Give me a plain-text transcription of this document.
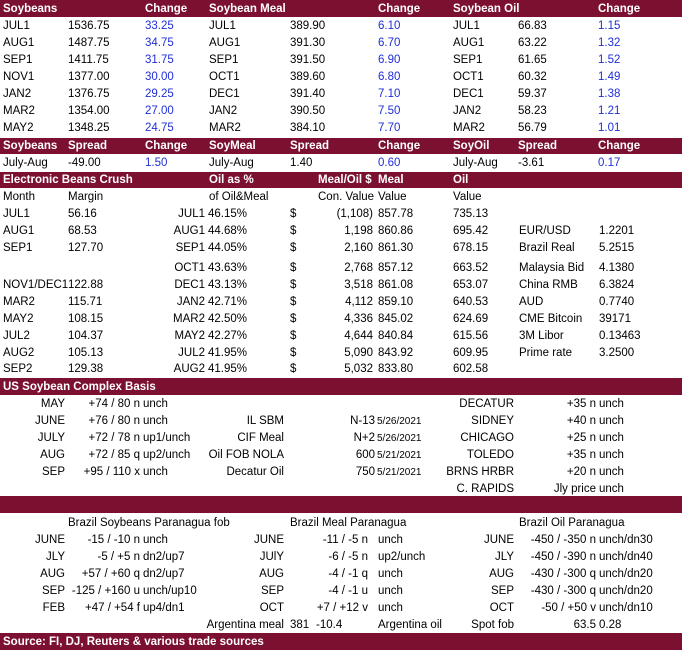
Soybeans	Change Soybean Meal	Change	Soybean Oil	Change
JUL1	1536.75	33.25	JUL1	389.90	6.10	JUL1	66.83	1.15
AUG1	1487.75	34.75	AUG1	391.30	6.70	AUG1	63.22	1.32
SEP1	1411.75	31.75	SEP1	391.50	6.90	SEP1	61.65	1.52
NOV1	1377.00	30.00	OCT1	389.60	6.80	OCT1	60.32	1.49
JAN2	1376.75	29.25	DEC1	391.40	7.10	DEC1	59.37	1.38
MAR2	1354.00	27.00	JAN2	390.50	7.50	JAN2	58.23	1.21
MAY2	1348.25	24.75	MAR2	384.10	7.70	MAR2	56.79	1.01
Soybeans Spread	Change SoyMeal	Spread	Change	SoyOil Spread	Change
July-Aug -49.00	1.50	July-Aug	1.40	0.60	July-Aug -3.61	0.17
Electronic Beans Crush	Oil as %	Meal/Oil $ Meal	Oil
Month	Margin	of Oil&Meal	Con. Value Value	Value
JUL1	56.16	JUL1 46.15%	$	(1,108) 857.78	735.13
AUG1	68.53	AUG1 44.68%	$	1,198 860.86	695.42
SEP1	127.70	SEP1 44.05%	$	2,160 861.30	678.15
OCT1 43.63%	$	2,768 857.12	663.52
NOV1/DEC1 122.88	DEC1 43.13%	$	3,518 861.08	653.07
MAR2	115.71	JAN2 42.71%	$	4,112 859.10	640.53
MAY2	108.15	MAR2 42.50%	$	4,336 845.02	624.69
JUL2	104.37	MAY2 42.27%	$	4,644 840.84	615.56
AUG2	105.13	JUL2 41.95%	$	5,090 843.92	609.95
SEP2	129.38	AUG2 41.95%	$	5,032 833.80	602.58
EUR/USD 1.2201
Brazil Real 5.2515
Malaysia Bid 4.1380
China RMB 6.3824
AUD	0.7740
CME Bitcoin 39171
3M Libor	0.13463
Prime rate 3.2500
US Soybean Complex Basis
MAY +74 / 80 n unch
JUNE +76 / 80 n unch
JULY +72 / 78 n up1/unch
AUG +72 / 85 q up2/unch
SEP +95 / 110 x unch
IL SBM	N-13 5/26/2021
CIF Meal	N+2 5/26/2021
Oil FOB NOLA	600 5/21/2021
Decatur Oil	750 5/21/2021
DECATUR	+35 n unch
SIDNEY	+40 n unch
CHICAGO	+25 n unch
TOLEDO	+35 n unch
BRNS HRBR	+20 n unch
C. RAPIDS	Jly price unch
Brazil Soybeans Paranagua fob	Brazil Meal Paranagua	Brazil Oil Paranagua
JUNE -15 / -10 n unch	JUNE	-11 / -5 n unch	JUNE -450 / -350 n unch/dn30
JLY	-5 / +5 n dn2/up7	JUlY	-6 / -5 n up2/unch	JLY -450 / -390 n unch/dn40
AUG +57 / +60 q dn2/up7	AUG	-4 / -1 q unch	AUG -430 / -300 q unch/dn20
SEP -125 / +160 u unch/up10	SEP	-4 / -1 u unch	SEP -430 / -300 q unch/dn20
FEB +47 / +54 f up4/dn1	OCT	+7 / +12 v unch	OCT -50 / +50 v unch/dn10
Argentina meal 381 -10.4	Argentina oil	Spot fob	63.5 0.28
Source: FI, DJ, Reuters & various trade sources
